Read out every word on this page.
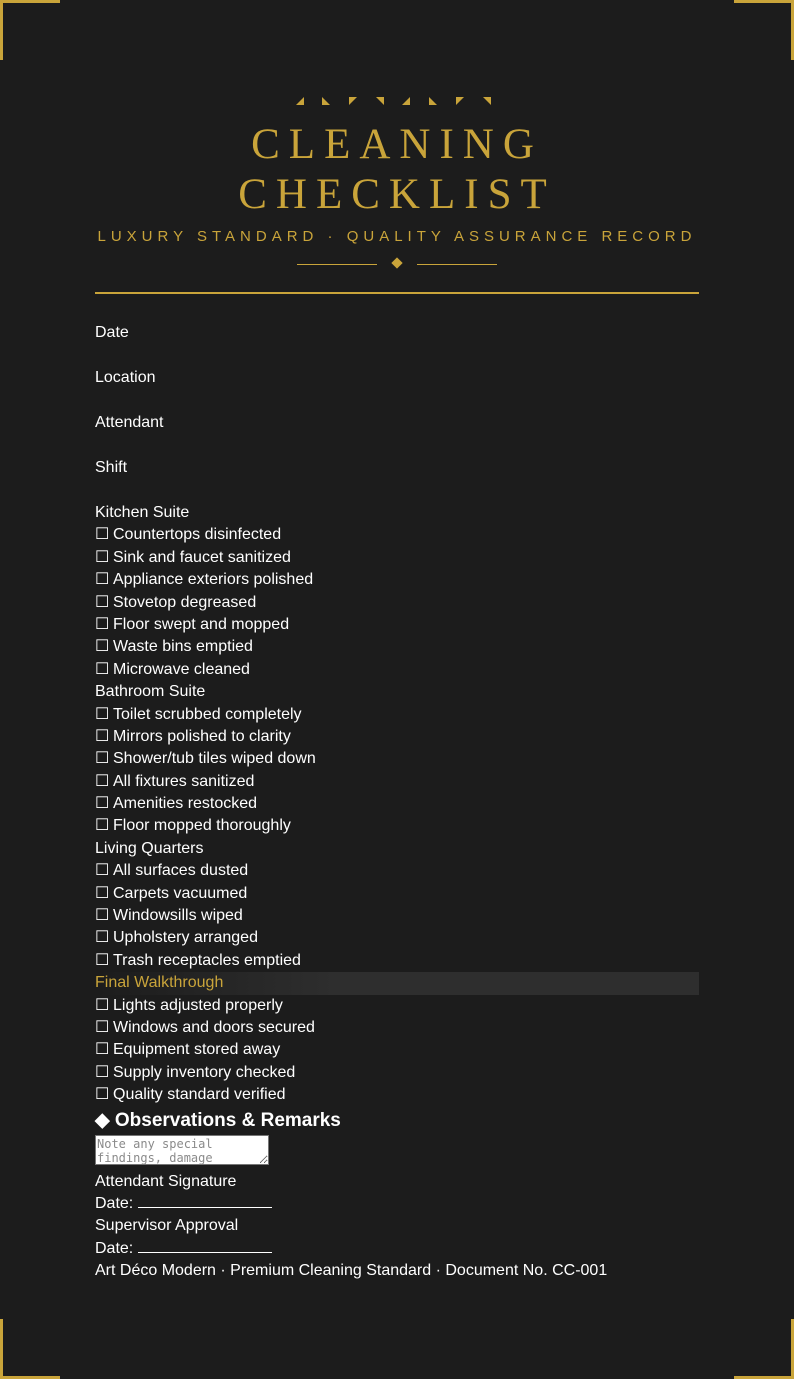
CLEANING
CHECKLIST
LUXURY STANDARD · QUALITY ASSURANCE RECORD
Date
Location
Attendant
Shift
Kitchen Suite
☐ Countertops disinfected
☐ Sink and faucet sanitized
☐ Appliance exteriors polished
☐ Stovetop degreased
☐ Floor swept and mopped
☐ Waste bins emptied
☐ Microwave cleaned
Bathroom Suite
☐ Toilet scrubbed completely
☐ Mirrors polished to clarity
☐ Shower/tub tiles wiped down
☐ All fixtures sanitized
☐ Amenities restocked
☐ Floor mopped thoroughly
Living Quarters
☐ All surfaces dusted
☐ Carpets vacuumed
☐ Windowsills wiped
☐ Upholstery arranged
☐ Trash receptacles emptied
Final Walkthrough
☐ Lights adjusted properly
☐ Windows and doors secured
☐ Equipment stored away
☐ Supply inventory checked
☐ Quality standard verified
◆ Observations & Remarks
Note any special findings, damage
Attendant Signature
Date:
Supervisor Approval
Date:
Art Déco Modern · Premium Cleaning Standard · Document No. CC-001
